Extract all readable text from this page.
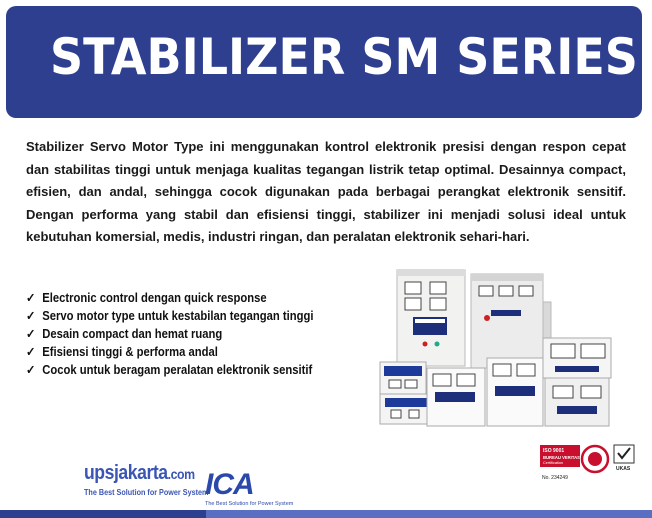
STABILIZER SM SERIES
Stabilizer Servo Motor Type ini menggunakan kontrol elektronik presisi dengan respon cepat dan stabilitas tinggi untuk menjaga kualitas tegangan listrik tetap optimal. Desainnya compact, efisien, dan andal, sehingga cocok digunakan pada berbagai perangkat elektronik sensitif. Dengan performa yang stabil dan efisiensi tinggi, stabilizer ini menjadi solusi ideal untuk kebutuhan komersial, medis, industri ringan, dan peralatan elektronik sehari-hari.
✓ Electronic control dengan quick response
✓ Servo motor type untuk kestabilan tegangan tinggi
✓ Desain compact dan hemat ruang
✓ Efisiensi tinggi & performa andal
✓ Cocok untuk beragam peralatan elektronik sensitif
upsjakarta.com
The Best Solution for Power System
ICA
The Best Solution for Power System
ISO 9001
BUREAU VERITAS
Certification
No. 234249
UKAS
